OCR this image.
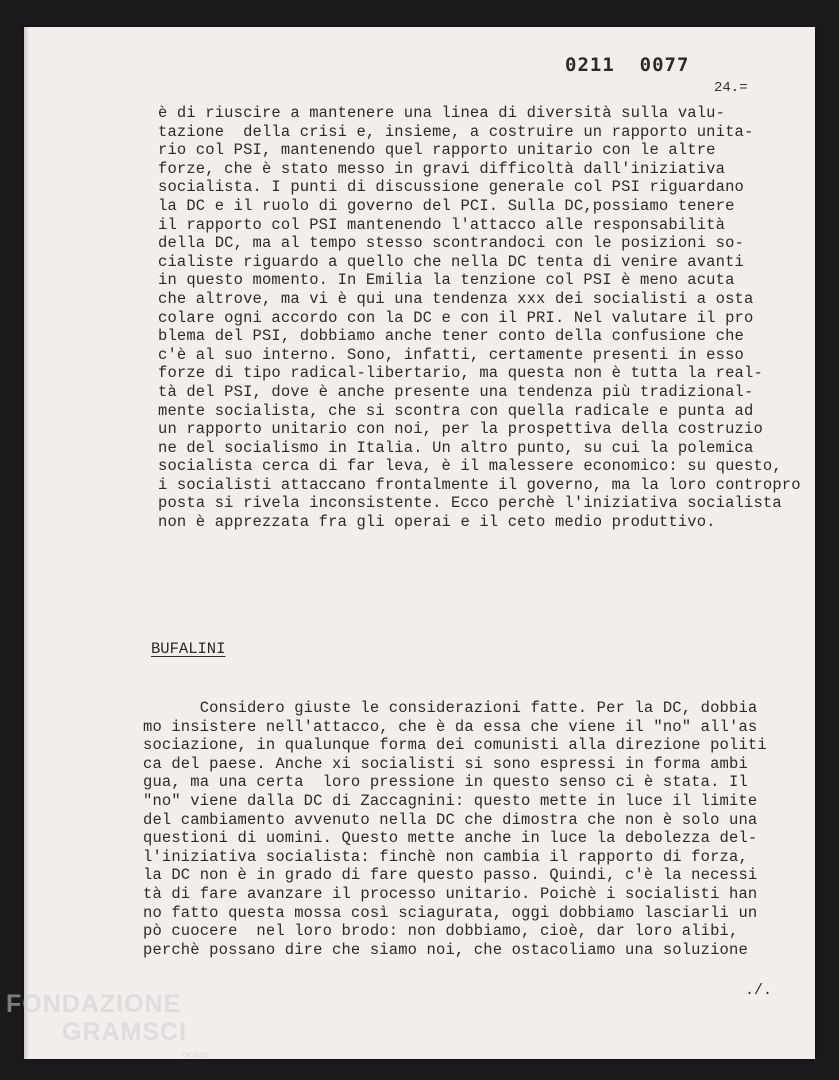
0211  0077
24.=
è di riuscire a mantenere una linea di diversità sulla valu-
tazione  della crisi e, insieme, a costruire un rapporto unita-
rio col PSI, mantenendo quel rapporto unitario con le altre
forze, che è stato messo in gravi difficoltà dall'iniziativa
socialista. I punti di discussione generale col PSI riguardano
la DC e il ruolo di governo del PCI. Sulla DC,possiamo tenere
il rapporto col PSI mantenendo l'attacco alle responsabilità
della DC, ma al tempo stesso scontrandoci con le posizioni so-
cialiste riguardo a quello che nella DC tenta di venire avanti
in questo momento. In Emilia la tenzione col PSI è meno acuta
che altrove, ma vi è qui una tendenza xxx dei socialisti a osta
colare ogni accordo con la DC e con il PRI. Nel valutare il pro
blema del PSI, dobbiamo anche tener conto della confusione che
c'è al suo interno. Sono, infatti, certamente presenti in esso
forze di tipo radical-libertario, ma questa non è tutta la real-
tà del PSI, dove è anche presente una tendenza più tradizional-
mente socialista, che si scontra con quella radicale e punta ad
un rapporto unitario con noi, per la prospettiva della costruzio
ne del socialismo in Italia. Un altro punto, su cui la polemica
socialista cerca di far leva, è il malessere economico: su questo,
i socialisti attaccano frontalmente il governo, ma la loro contropro
posta si rivela inconsistente. Ecco perchè l'iniziativa socialista
non è apprezzata fra gli operai e il ceto medio produttivo.
BUFALINI
Considero giuste le considerazioni fatte. Per la DC, dobbia
mo insistere nell'attacco, che è da essa che viene il "no" all'as
sociazione, in qualunque forma dei comunisti alla direzione politi
ca del paese. Anche xi socialisti si sono espressi in forma ambi
gua, ma una certa  loro pressione in questo senso ci è stata. Il
"no" viene dalla DC di Zaccagnini: questo mette in luce il limite
del cambiamento avvenuto nella DC che dimostra che non è solo una
questioni di uomini. Questo mette anche in luce la debolezza del-
l'iniziativa socialista: finchè non cambia il rapporto di forza,
la DC non è in grado di fare questo passo. Quindi, c'è la necessi
tà di fare avanzare il processo unitario. Poichè i socialisti han
no fatto questa mossa così sciagurata, oggi dobbiamo lasciarli un
pò cuocere  nel loro brodo: non dobbiamo, cioè, dar loro alibi,
perchè possano dire che siamo noi, che ostacoliamo una soluzione
./.
FONDAZIONE
GRAMSCI
onlus
